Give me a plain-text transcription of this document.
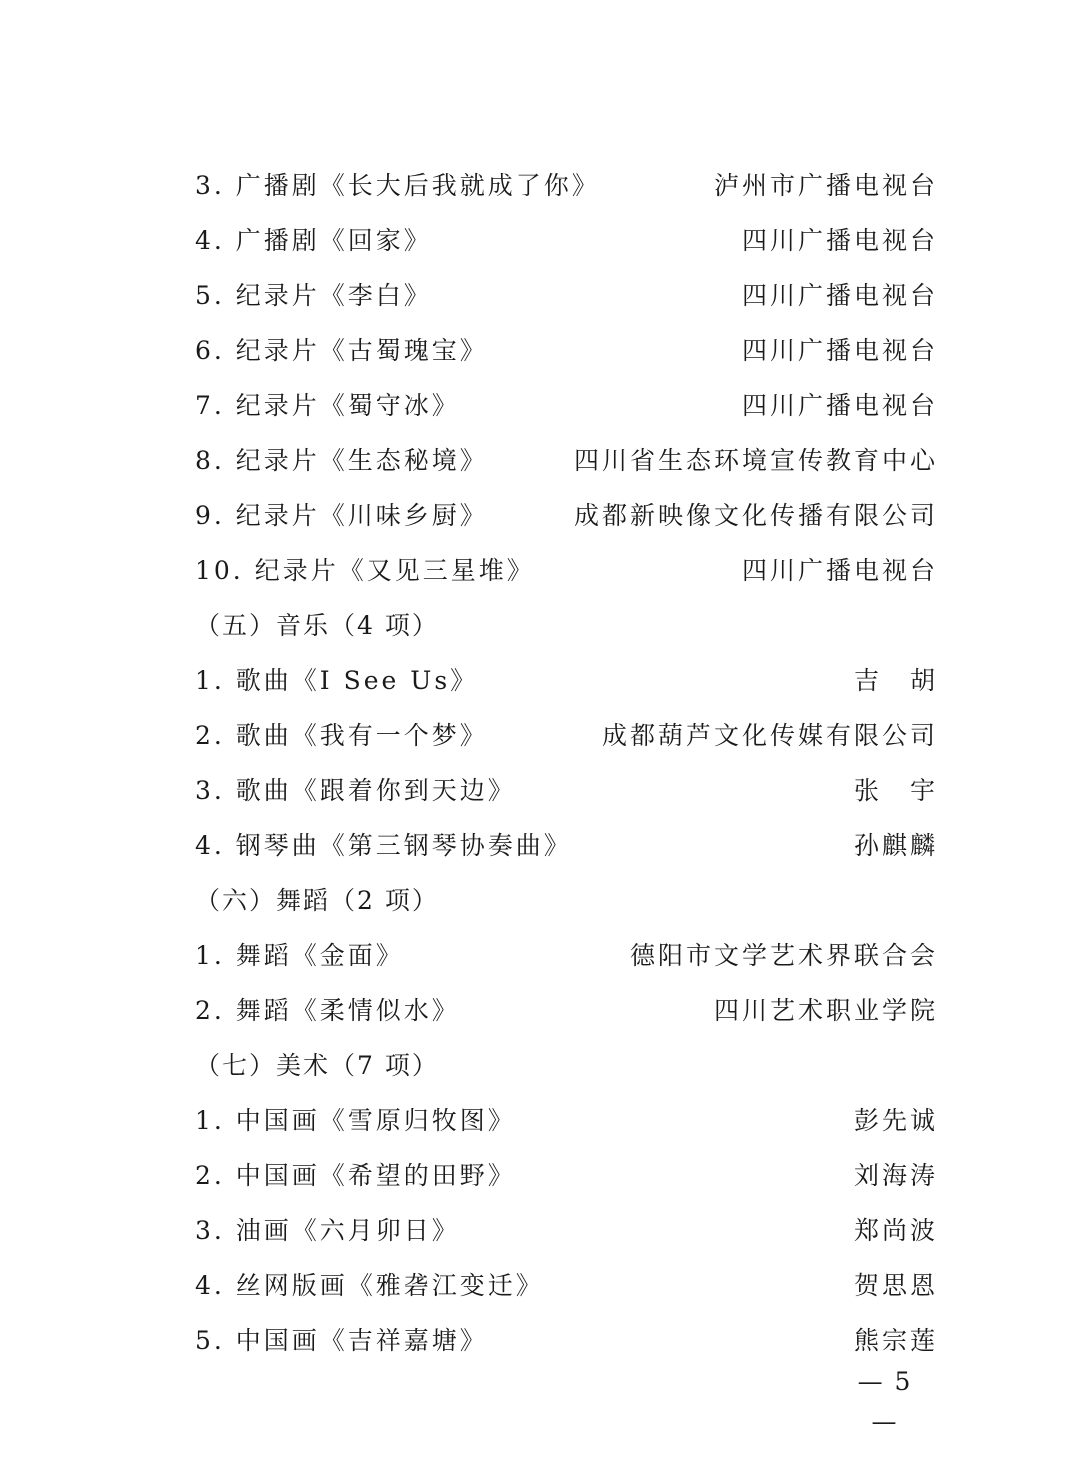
3. 广播剧《长大后我就成了你》	泸州市广播电视台
4. 广播剧《回家》	四川广播电视台
5. 纪录片《李白》	四川广播电视台
6. 纪录片《古蜀瑰宝》	四川广播电视台
7. 纪录片《蜀守冰》	四川广播电视台
8. 纪录片《生态秘境》	四川省生态环境宣传教育中心
9. 纪录片《川味乡厨》	成都新映像文化传播有限公司
10. 纪录片《又见三星堆》	四川广播电视台
（五）音乐（4 项）
1. 歌曲《I See Us》	吉　胡
2. 歌曲《我有一个梦》	成都葫芦文化传媒有限公司
3. 歌曲《跟着你到天边》	张　宇
4. 钢琴曲《第三钢琴协奏曲》	孙麒麟
（六）舞蹈（2 项）
1. 舞蹈《金面》	德阳市文学艺术界联合会
2. 舞蹈《柔情似水》	四川艺术职业学院
（七）美术（7 项）
1. 中国画《雪原归牧图》	彭先诚
2. 中国画《希望的田野》	刘海涛
3. 油画《六月卯日》	郑尚波
4. 丝网版画《雅砻江变迁》	贺思恩
5. 中国画《吉祥嘉塘》	熊宗莲
— 5 —
